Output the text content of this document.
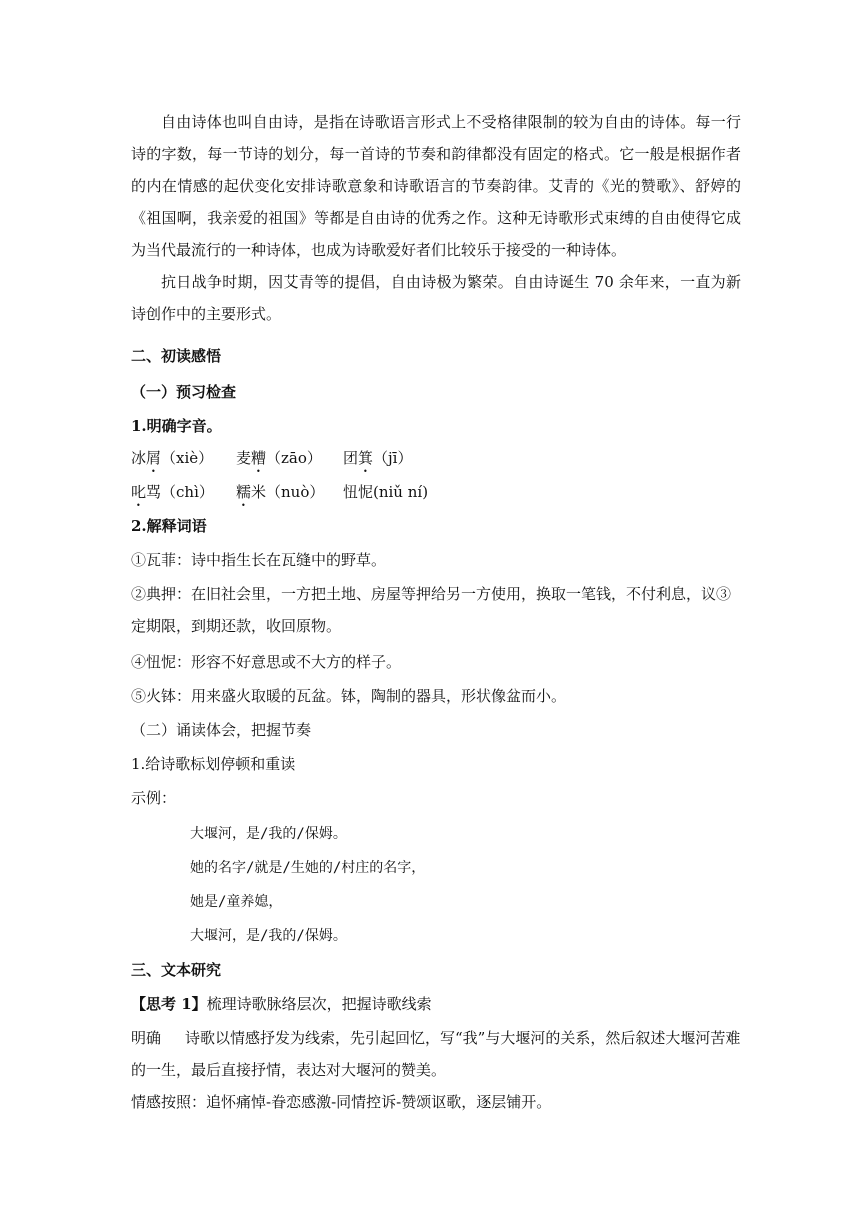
自由诗体也叫自由诗，是指在诗歌语言形式上不受格律限制的较为自由的诗体。每一行诗的字数，每一节诗的划分，每一首诗的节奏和韵律都没有固定的格式。它一般是根据作者的内在情感的起伏变化安排诗歌意象和诗歌语言的节奏韵律。艾青的《光的赞歌》、舒婷的《祖国啊，我亲爱的祖国》等都是自由诗的优秀之作。这种无诗歌形式束缚的自由使得它成为当代最流行的一种诗体，也成为诗歌爱好者们比较乐于接受的一种诗体。
抗日战争时期，因艾青等的提倡，自由诗极为繁荣。自由诗诞生 70 余年来，一直为新诗创作中的主要形式。
二、初读感悟
（一）预习检查
1.明确字音。
冰屑（xiè） 麦糟（zāo） 团箕（jī）
叱骂（chì） 糯米（nuò） 忸怩(niǔ ní)
2.解释词语
①瓦菲：诗中指生长在瓦缝中的野草。
②典押：在旧社会里，一方把土地、房屋等押给另一方使用，换取一笔钱，不付利息，议③定期限，到期还款，收回原物。
④忸怩：形容不好意思或不大方的样子。
⑤火钵：用来盛火取暖的瓦盆。钵，陶制的器具，形状像盆而小。
（二）诵读体会，把握节奏
1.给诗歌标划停顿和重读
示例：
大堰河，是/我的/保姆。
她的名字/就是/生她的/村庄的名字，
她是/童养媳，
大堰河，是/我的/保姆。
三、文本研究
【思考 1】梳理诗歌脉络层次，把握诗歌线索
明确 诗歌以情感抒发为线索，先引起回忆，写“我”与大堰河的关系，然后叙述大堰河苦难的一生，最后直接抒情，表达对大堰河的赞美。
情感按照：追怀痛悼-眷恋感激-同情控诉-赞颂讴歌，逐层铺开。
